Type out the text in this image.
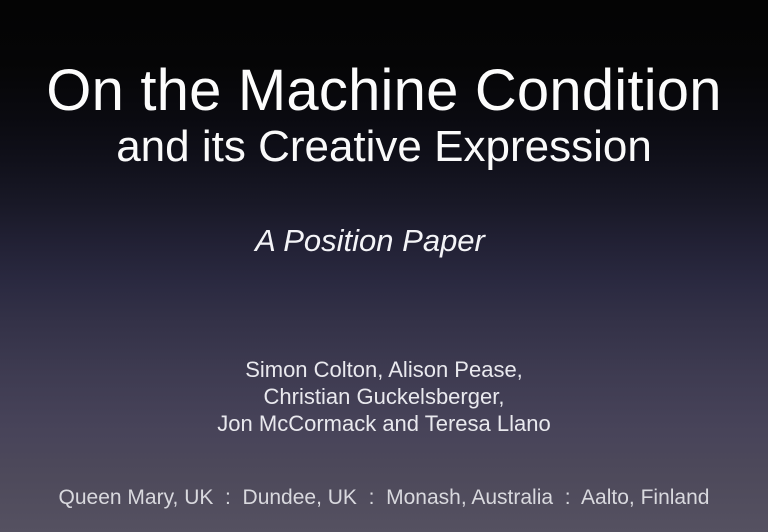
On the Machine Condition
and its Creative Expression
A Position Paper
Simon Colton, Alison Pease,
Christian Guckelsberger,
Jon McCormack and Teresa Llano
Queen Mary, UK  :  Dundee, UK  :  Monash, Australia  :  Aalto, Finland
